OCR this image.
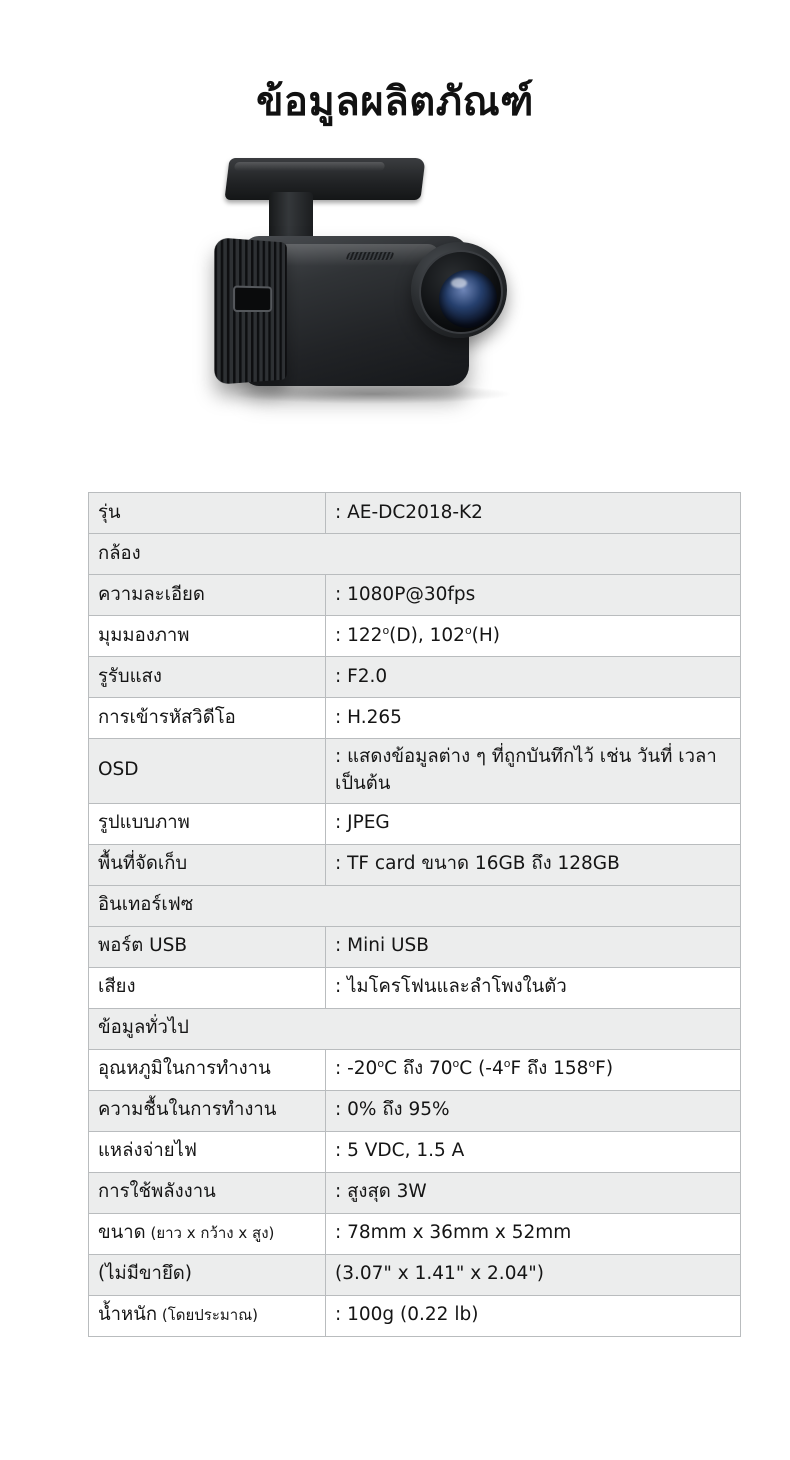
ข้อมูลผลิตภัณฑ์
รุ่น	: AE-DC2018-K2
กล้อง	
ความละเอียด	: 1080P@30fps
มุมมองภาพ	: 122$^o$(D), 102$^o$(H)
รูรับแสง	: F2.0
การเข้ารหัสวิดีโอ	: H.265
OSD	: แสดงข้อมูลต่าง ๆ ที่ถูกบันทึกไว้ เช่น วันที่ เวลา เป็นต้น
รูปแบบภาพ	: JPEG
พื้นที่จัดเก็บ	: TF card ขนาด 16GB ถึง 128GB
อินเทอร์เฟซ	
พอร์ต USB	: Mini USB
เสียง	: ไมโครโฟนและลำโพงในตัว
ข้อมูลทั่วไป	
อุณหภูมิในการทำงาน	: -20$^o$C ถึง 70$^o$C (-4$^o$F ถึง 158$^o$F)
ความชื้นในการทำงาน	: 0% ถึง 95%
แหล่งจ่ายไฟ	: 5 VDC, 1.5 A
การใช้พลังงาน	: สูงสุด 3W
ขนาด (ยาว x กว้าง x สูง)	: 78mm x 36mm x 52mm
(ไม่มีขายึด)	(3.07" x 1.41" x 2.04")
น้ำหนัก (โดยประมาณ)	: 100g (0.22 lb)
